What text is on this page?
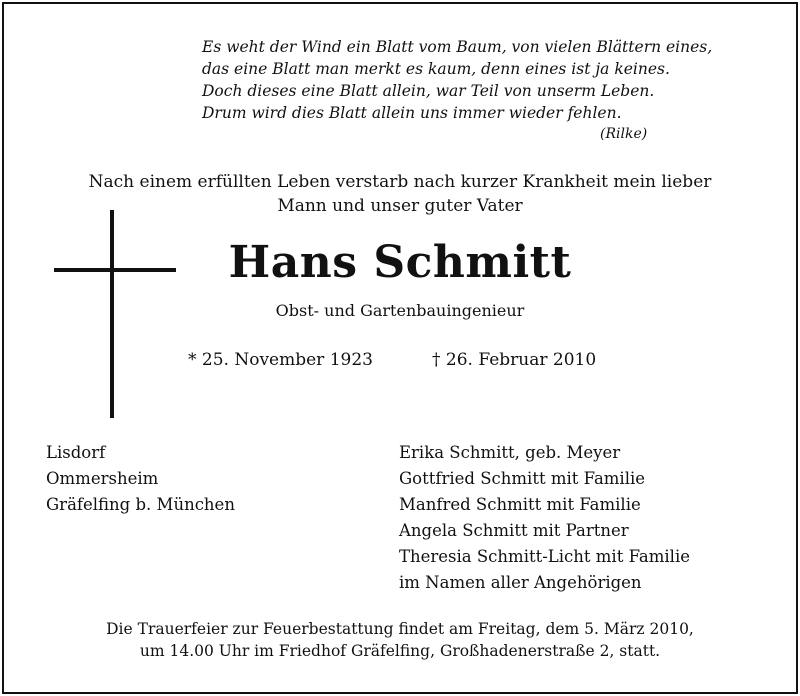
Es weht der Wind ein Blatt vom Baum, von vielen Blättern eines,
das eine Blatt man merkt es kaum, denn eines ist ja keines.
Doch dieses eine Blatt allein, war Teil von unserm Leben.
Drum wird dies Blatt allein uns immer wieder fehlen.
(Rilke)
Nach einem erfüllten Leben verstarb nach kurzer Krankheit mein lieber
Mann und unser guter Vater
Hans Schmitt
Obst- und Gartenbauingenieur
* 25. November 1923	† 26. Februar 2010
Lisdorf
Ommersheim
Gräfelfing b. München
Erika Schmitt, geb. Meyer
Gottfried Schmitt mit Familie
Manfred Schmitt mit Familie
Angela Schmitt mit Partner
Theresia Schmitt-Licht mit Familie
im Namen aller Angehörigen
Die Trauerfeier zur Feuerbestattung findet am Freitag, dem 5. März 2010,
um 14.00 Uhr im Friedhof Gräfelfing, Großhadenerstraße 2, statt.
